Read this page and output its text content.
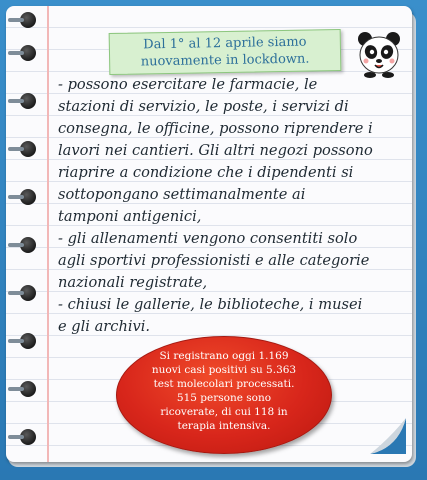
Dal 1° al 12 aprile siamo
nuovamente in lockdown.
- possono esercitare le farmacie, le
stazioni di servizio, le poste, i servizi di
consegna, le officine, possono riprendere i
lavori nei cantieri. Gli altri negozi possono
riaprire a condizione che i dipendenti si
sottopongano settimanalmente ai
tamponi antigenici,
- gli allenamenti vengono consentiti solo
agli sportivi professionisti e alle categorie
nazionali registrate,
- chiusi le gallerie, le biblioteche, i musei
e gli archivi.
Si registrano oggi 1.169
nuovi casi positivi su 5.363
test molecolari processati.
515 persone sono
ricoverate, di cui 118 in
terapia intensiva.
